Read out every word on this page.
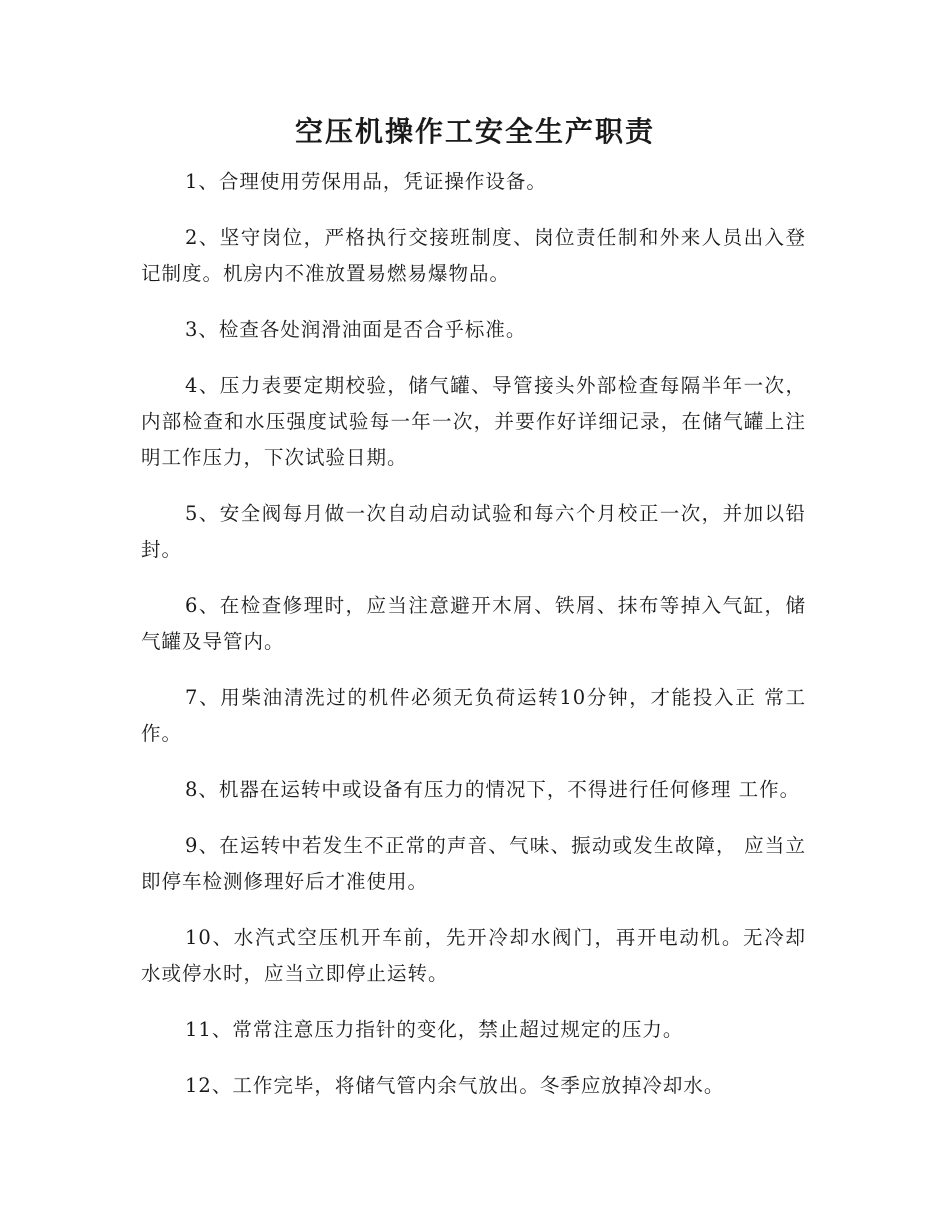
空压机操作工安全生产职责

1、合理使用劳保用品，凭证操作设备。

2、坚守岗位，严格执行交接班制度、岗位责任制和外来人员出入登记制度。机房内不准放置易燃易爆物品。

3、检查各处润滑油面是否合乎标准。

4、压力表要定期校验，储气罐、导管接头外部检查每隔半年一次，内部检查和水压强度试验每一年一次，并要作好详细记录，在储气罐上注明工作压力，下次试验日期。

5、安全阀每月做一次自动启动试验和每六个月校正一次，并加以铅封。

6、在检查修理时，应当注意避开木屑、铁屑、抹布等掉入气缸，储气罐及导管内。

7、用柴油清洗过的机件必须无负荷运转10分钟，才能投入正 常工作。

8、机器在运转中或设备有压力的情况下，不得进行任何修理 工作。

9、在运转中若发生不正常的声音、气味、振动或发生故障， 应当立即停车检测修理好后才准使用。

10、水汽式空压机开车前，先开冷却水阀门，再开电动机。无冷却水或停水时，应当立即停止运转。

11、常常注意压力指针的变化，禁止超过规定的压力。

12、工作完毕，将储气管内余气放出。冬季应放掉冷却水。
